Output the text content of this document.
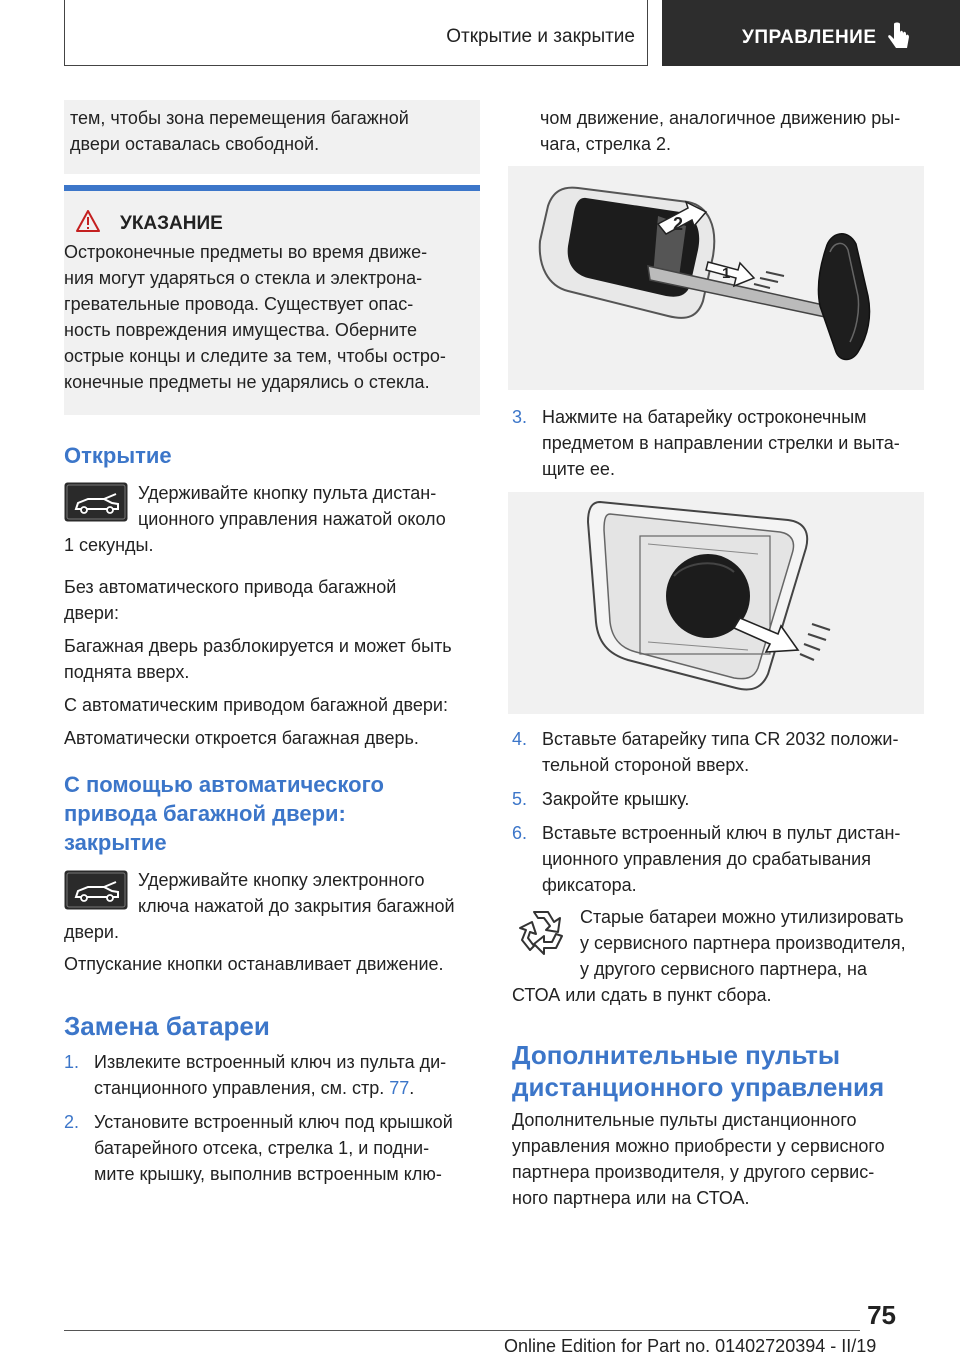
Открытие и закрытие	УПРАВЛЕНИЕ
тем, чтобы зона перемещения багажной
двери оставалась свободной.
УКАЗАНИЕ
Остроконечные предметы во время движе-
ния могут ударяться о стекла и электрона-
гревательные провода. Существует опас-
ность повреждения имущества. Оберните
острые концы и следите за тем, чтобы остро-
конечные предметы не ударялись о стекла.
Открытие
Удерживайте кнопку пульта дистан-
ционного управления нажатой около
1 секунды.
Без автоматического привода багажной
двери:
Багажная дверь разблокируется и может быть
поднята вверх.
С автоматическим приводом багажной двери:
Автоматически откроется багажная дверь.
С помощью автоматического
привода багажной двери:
закрытие
Удерживайте кнопку электронного
ключа нажатой до закрытия багажной
двери.
Отпускание кнопки останавливает движение.
Замена батареи
1. Извлеките встроенный ключ из пульта ди-
станционного управления, см. стр. 77.
2. Установите встроенный ключ под крышкой
батарейного отсека, стрелка 1, и подни-
мите крышку, выполнив встроенным клю-
чом движение, аналогичное движению ры-
чага, стрелка 2.
2
1
3. Нажмите на батарейку остроконечным
предметом в направлении стрелки и выта-
щите ее.
4. Вставьте батарейку типа CR 2032 положи-
тельной стороной вверх.
5. Закройте крышку.
6. Вставьте встроенный ключ в пульт дистан-
ционного управления до срабатывания
фиксатора.
Старые батареи можно утилизировать
у сервисного партнера производителя,
у другого сервисного партнера, на
СТОА или сдать в пункт сбора.
Дополнительные пульты
дистанционного управления
Дополнительные пульты дистанционного
управления можно приобрести у сервисного
партнера производителя, у другого сервис-
ного партнера или на СТОА.
75
Online Edition for Part no. 01402720394 - II/19
